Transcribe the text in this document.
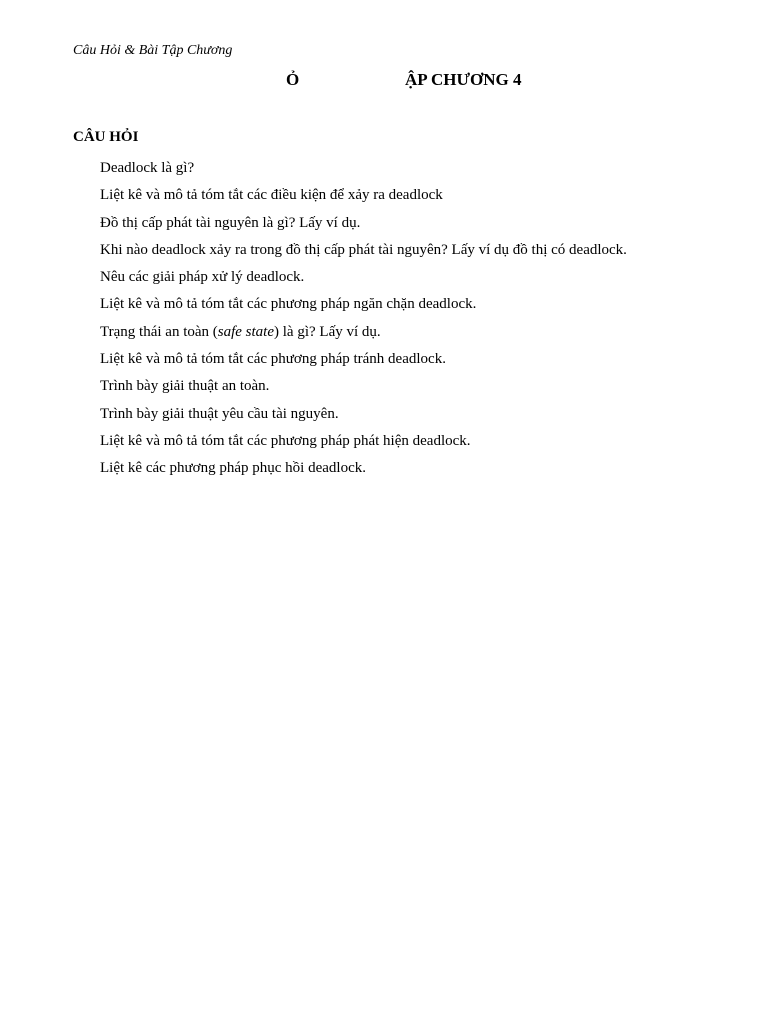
Câu Hỏi & Bài Tập Chương
Ỏ	ẬP CHƯƠNG 4
CÂU HỎI
Deadlock là gì?
Liệt kê và mô tả tóm tắt các điều kiện để xảy ra deadlock
Đồ thị cấp phát tài nguyên là gì? Lấy ví dụ.
Khi nào deadlock xảy ra trong đồ thị cấp phát tài nguyên? Lấy ví dụ đồ thị có deadlock.
Nêu các giải pháp xử lý deadlock.
Liệt kê và mô tả tóm tắt các phương pháp ngăn chặn deadlock.
Trạng thái an toàn (safe state) là gì? Lấy ví dụ.
Liệt kê và mô tả tóm tắt các phương pháp tránh deadlock.
Trình bày giải thuật an toàn.
Trình bày giải thuật yêu cầu tài nguyên.
Liệt kê và mô tả tóm tắt các phương pháp phát hiện deadlock.
Liệt kê các phương pháp phục hồi deadlock.
